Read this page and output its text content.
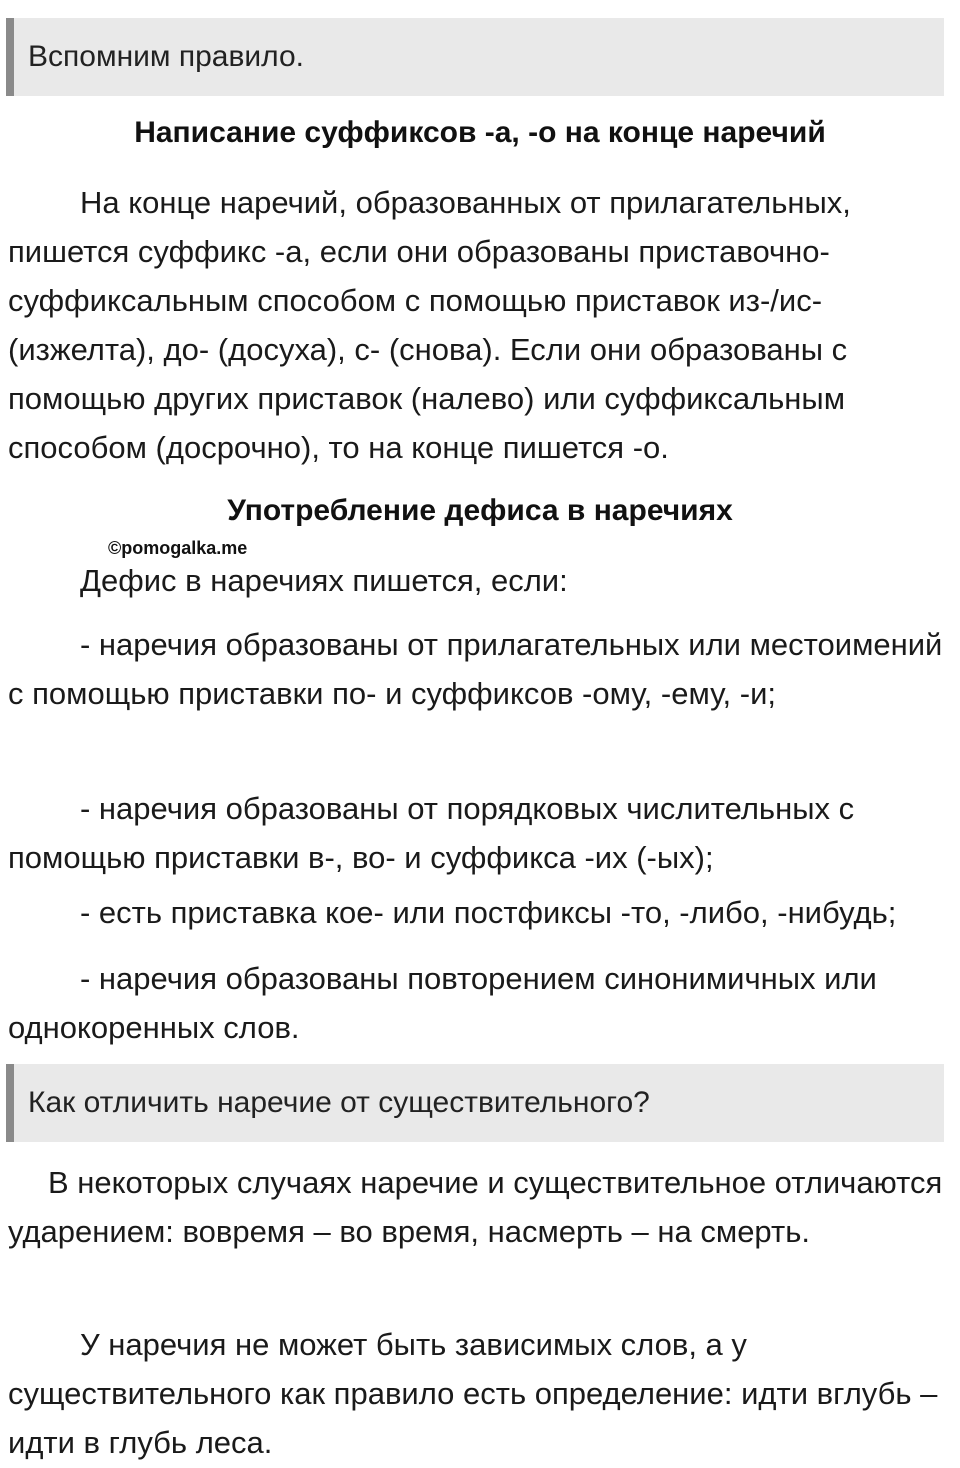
Вспомним правило.
Написание суффиксов -а, -о на конце наречий

На конце наречий, образованных от прилагательных, пишется суффикс -а, если они образованы приставочно-суффиксальным способом с помощью приставок из-/ис- (изжелта), до- (досуха), с- (снова). Если они образованы с помощью других приставок (налево) или суффиксальным способом (досрочно), то на конце пишется -о.

Употребление дефиса в наречиях
©pomogalka.me

Дефис в наречиях пишется, если:

- наречия образованы от прилагательных или местоимений с помощью приставки по- и суффиксов -ому, -ему, -и;

- наречия образованы от порядковых числительных с помощью приставки в-, во- и суффикса -их (-ых);

- есть приставка кое- или постфиксы -то, -либо, -нибудь;

- наречия образованы повторением синонимичных или однокоренных слов.

Как отличить наречие от существительного?

В некоторых случаях наречие и существительное отличаются ударением: вовремя – во время, насмерть – на смерть.

У наречия не может быть зависимых слов, а у существительного как правило есть определение: идти вглубь – идти в глубь леса.
